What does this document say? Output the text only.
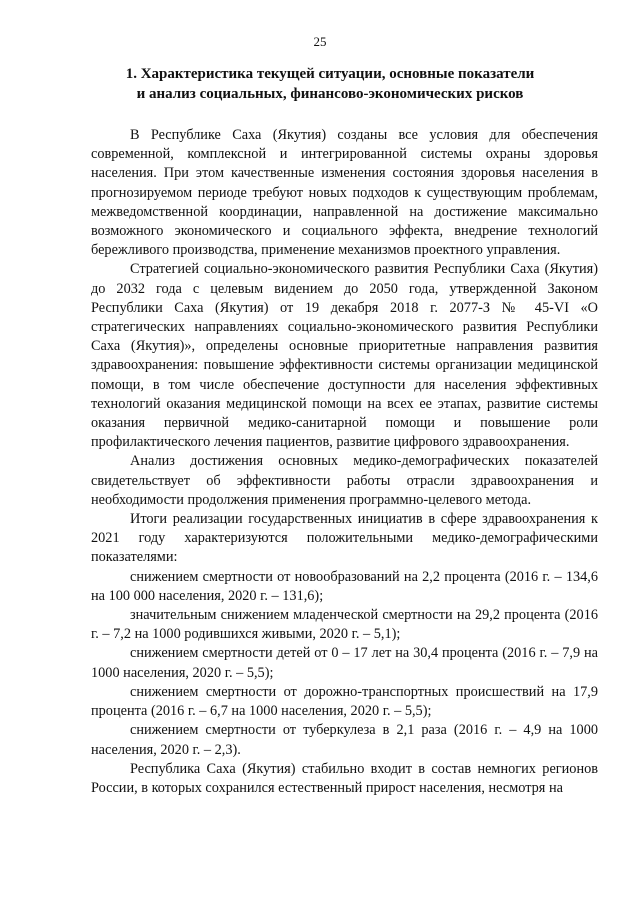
25
1. Характеристика текущей ситуации, основные показатели
и анализ социальных, финансово-экономических рисков

В Республике Саха (Якутия) созданы все условия для обеспечения современной, комплексной и интегрированной системы охраны здоровья населения. При этом качественные изменения состояния здоровья населения в прогнозируемом периоде требуют новых подходов к существующим проблемам, межведомственной координации, направленной на достижение максимально возможного экономического и социального эффекта, внедрение технологий бережливого производства, применение механизмов проектного управления.

Стратегией социально-экономического развития Республики Саха (Якутия) до 2032 года с целевым видением до 2050 года, утвержденной Законом Республики Саха (Якутия) от 19 декабря 2018 г. 2077-З № 45-VI «О стратегических направлениях социально-экономического развития Республики Саха (Якутия)», определены основные приоритетные направления развития здравоохранения: повышение эффективности системы организации медицинской помощи, в том числе обеспечение доступности для населения эффективных технологий оказания медицинской помощи на всех ее этапах, развитие системы оказания первичной медико-санитарной помощи и повышение роли профилактического лечения пациентов, развитие цифрового здравоохранения.

Анализ достижения основных медико-демографических показателей свидетельствует об эффективности работы отрасли здравоохранения и необходимости продолжения применения программно-целевого метода.

Итоги реализации государственных инициатив в сфере здравоохранения к 2021 году характеризуются положительными медико-демографическими показателями:

снижением смертности от новообразований на 2,2 процента (2016 г. – 134,6 на 100 000 населения, 2020 г. – 131,6);

значительным снижением младенческой смертности на 29,2 процента (2016 г. – 7,2 на 1000 родившихся живыми, 2020 г. – 5,1);

снижением смертности детей от 0 – 17 лет на 30,4 процента (2016 г. – 7,9 на 1000 населения, 2020 г. – 5,5);

снижением смертности от дорожно-транспортных происшествий на 17,9 процента (2016 г. – 6,7 на 1000 населения, 2020 г. – 5,5);

снижением смертности от туберкулеза в 2,1 раза (2016 г. – 4,9 на 1000 населения, 2020 г. – 2,3).

Республика Саха (Якутия) стабильно входит в состав немногих регионов России, в которых сохранился естественный прирост населения, несмотря на
